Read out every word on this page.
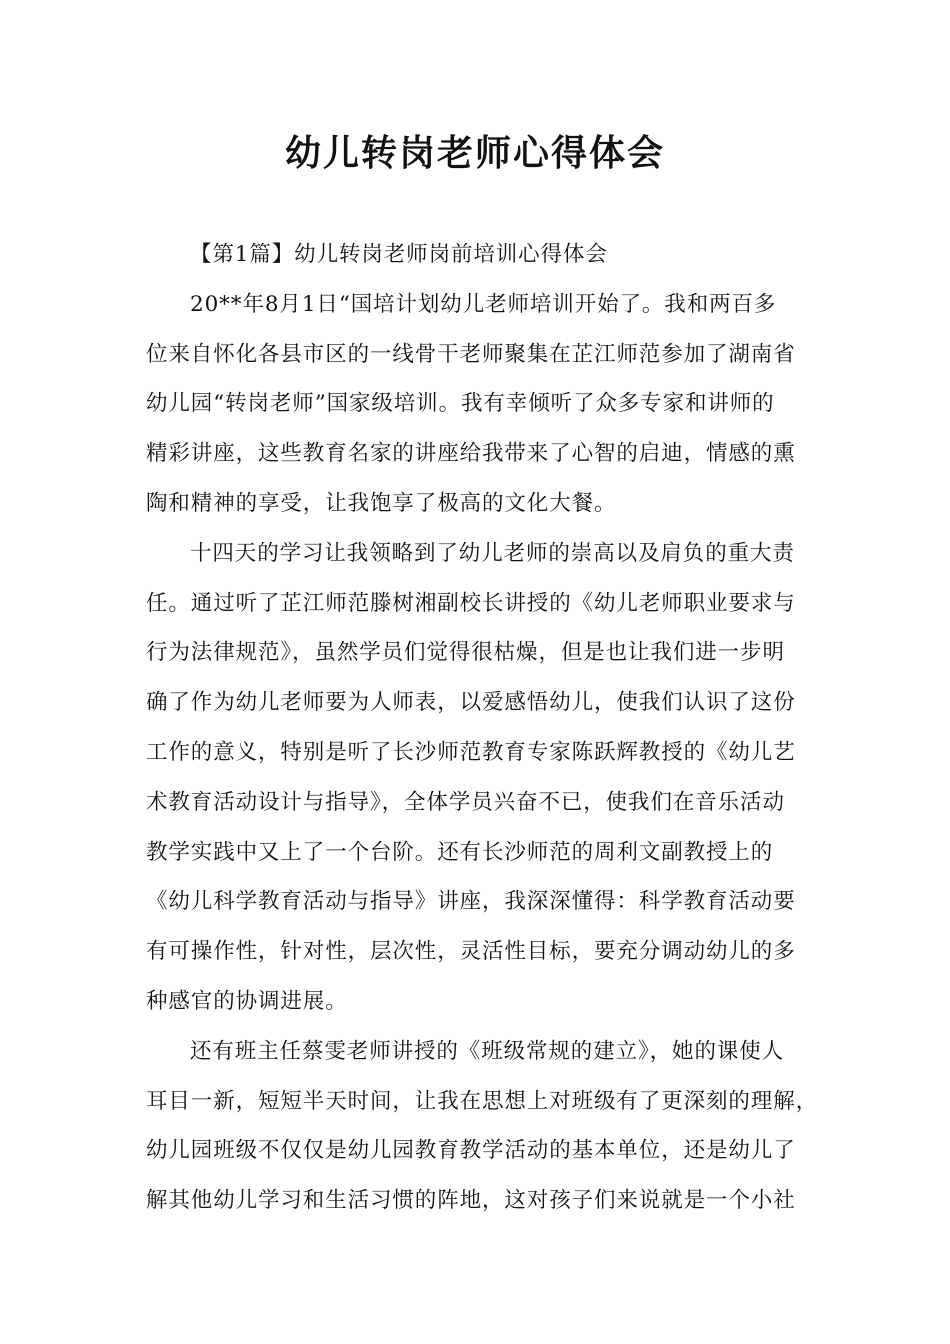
幼儿转岗老师心得体会
【第1篇】幼儿转岗老师岗前培训心得体会
20**年8月1日“国培计划幼儿老师培训开始了。我和两百多
位来自怀化各县市区的一线骨干老师聚集在芷江师范参加了湖南省
幼儿园“转岗老师”国家级培训。我有幸倾听了众多专家和讲师的
精彩讲座，这些教育名家的讲座给我带来了心智的启迪，情感的熏
陶和精神的享受，让我饱享了极高的文化大餐。
十四天的学习让我领略到了幼儿老师的崇高以及肩负的重大责
任。通过听了芷江师范滕树湘副校长讲授的《幼儿老师职业要求与
行为法律规范》，虽然学员们觉得很枯燥，但是也让我们进一步明
确了作为幼儿老师要为人师表，以爱感悟幼儿，使我们认识了这份
工作的意义，特别是听了长沙师范教育专家陈跃辉教授的《幼儿艺
术教育活动设计与指导》，全体学员兴奋不已，使我们在音乐活动
教学实践中又上了一个台阶。还有长沙师范的周利文副教授上的
《幼儿科学教育活动与指导》讲座，我深深懂得：科学教育活动要
有可操作性，针对性，层次性，灵活性目标，要充分调动幼儿的多
种感官的协调进展。
还有班主任蔡雯老师讲授的《班级常规的建立》，她的课使人
耳目一新，短短半天时间，让我在思想上对班级有了更深刻的理解，
幼儿园班级不仅仅是幼儿园教育教学活动的基本单位，还是幼儿了
解其他幼儿学习和生活习惯的阵地，这对孩子们来说就是一个小社
